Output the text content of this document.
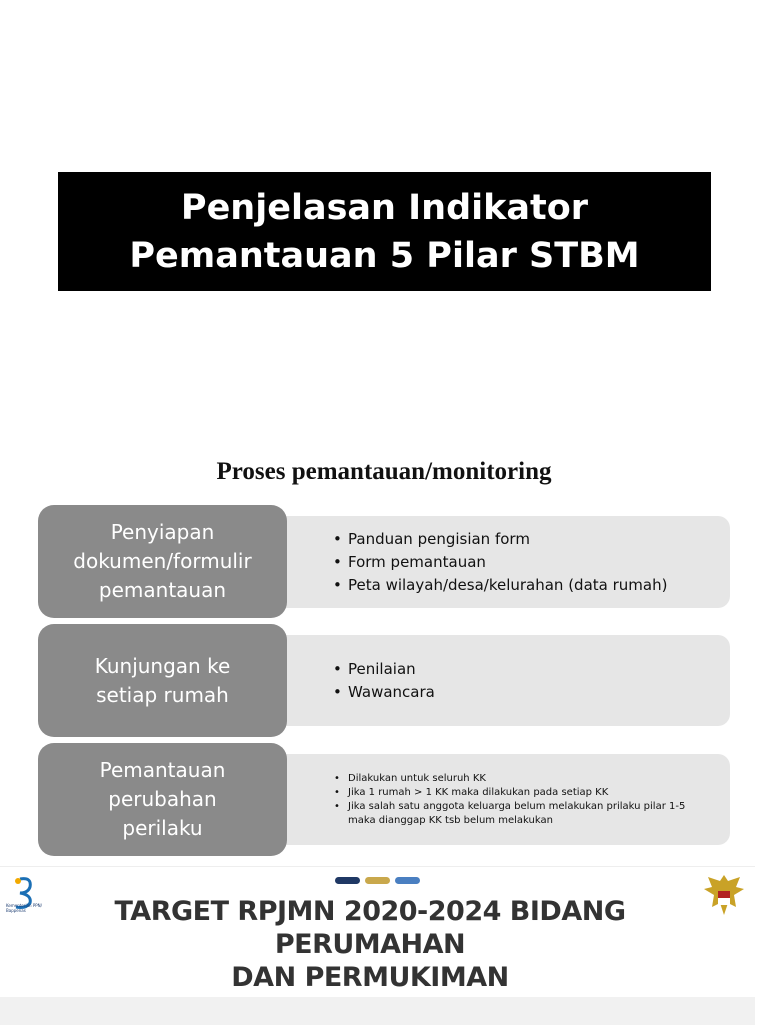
Penjelasan Indikator
Pemantauan 5 Pilar STBM
Proses pemantauan/monitoring
• Panduan pengisian form
• Form pemantauan
• Peta wilayah/desa/kelurahan (data rumah)
Penyiapan
dokumen/formulir
pemantauan
• Penilaian
• Wawancara
Kunjungan ke
setiap rumah
• Dilakukan untuk seluruh KK
• Jika 1 rumah > 1 KK maka dilakukan pada setiap KK
• Jika salah satu anggota keluarga belum melakukan prilaku pilar 1-5 maka dianggap KK tsb belum melakukan
Pemantauan
perubahan
perilaku
Kementerian PPN/ Bappenas	TARGET RPJMN 2020-2024 BIDANG PERUMAHAN
DAN PERMUKIMAN
